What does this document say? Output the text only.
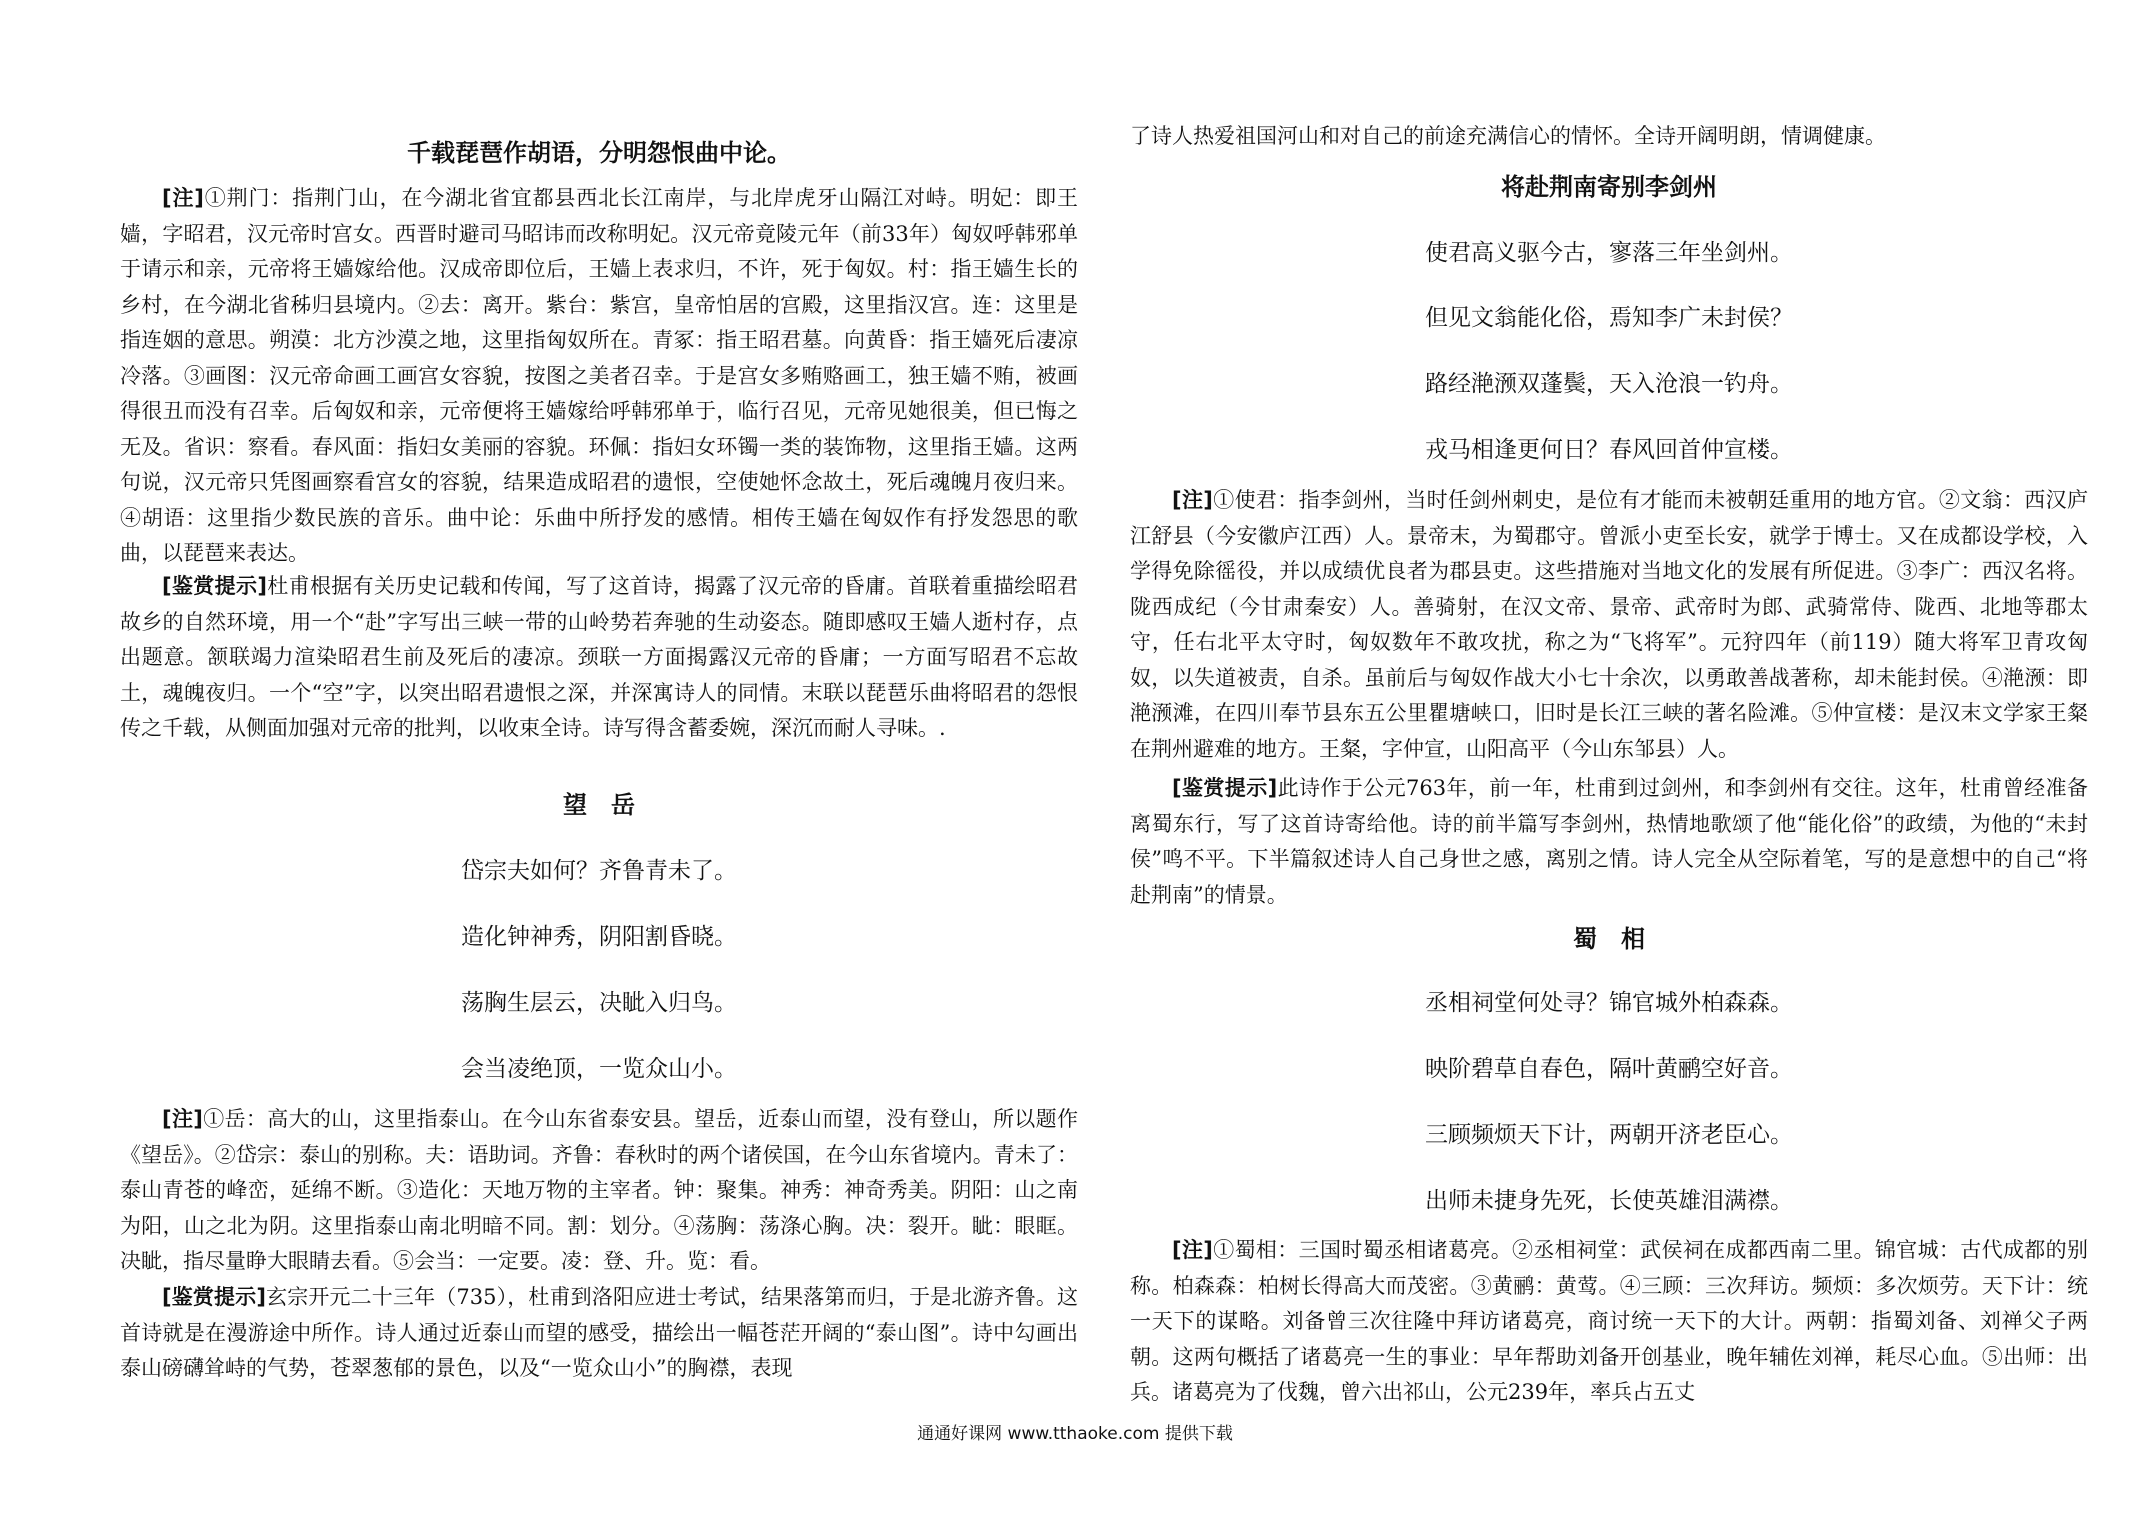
千载琵琶作胡语，分明怨恨曲中论。

[注]①荆门：指荆门山，在今湖北省宜都县西北长江南岸，与北岸虎牙山隔江对峙。明妃：即王嫱，字昭君，汉元帝时宫女。西晋时避司马昭讳而改称明妃。汉元帝竟陵元年（前33年）匈奴呼韩邪单于请示和亲，元帝将王嫱嫁给他。汉成帝即位后，王嫱上表求归，不许，死于匈奴。村：指王嫱生长的乡村，在今湖北省秭归县境内。②去：离开。紫台：紫宫，皇帝怕居的宫殿，这里指汉宫。连：这里是指连姻的意思。朔漠：北方沙漠之地，这里指匈奴所在。青冢：指王昭君墓。向黄昏：指王嫱死后凄凉冷落。③画图：汉元帝命画工画宫女容貌，按图之美者召幸。于是宫女多贿赂画工，独王嫱不贿，被画得很丑而没有召幸。后匈奴和亲，元帝便将王嫱嫁给呼韩邪单于，临行召见，元帝见她很美，但已悔之无及。省识：察看。春风面：指妇女美丽的容貌。环佩：指妇女环镯一类的装饰物，这里指王嫱。这两句说，汉元帝只凭图画察看宫女的容貌，结果造成昭君的遗恨，空使她怀念故土，死后魂魄月夜归来。④胡语：这里指少数民族的音乐。曲中论：乐曲中所抒发的感情。相传王嫱在匈奴作有抒发怨思的歌曲，以琵琶来表达。

[鉴赏提示]杜甫根据有关历史记载和传闻，写了这首诗，揭露了汉元帝的昏庸。首联着重描绘昭君故乡的自然环境，用一个“赴”字写出三峡一带的山岭势若奔驰的生动姿态。随即感叹王嫱人逝村存，点出题意。颔联竭力渲染昭君生前及死后的凄凉。颈联一方面揭露汉元帝的昏庸；一方面写昭君不忘故土，魂魄夜归。一个“空”字，以突出昭君遗恨之深，并深寓诗人的同情。末联以琵琶乐曲将昭君的怨恨传之千载，从侧面加强对元帝的批判，以收束全诗。诗写得含蓄委婉，深沉而耐人寻味。.

望　岳

岱宗夫如何？齐鲁青未了。

造化钟神秀，阴阳割昏晓。

荡胸生层云，决眦入归鸟。

会当凌绝顶，一览众山小。

[注]①岳：高大的山，这里指泰山。在今山东省泰安县。望岳，近泰山而望，没有登山，所以题作《望岳》。②岱宗：泰山的别称。夫：语助词。齐鲁：春秋时的两个诸侯国，在今山东省境内。青未了：泰山青苍的峰峦，延绵不断。③造化：天地万物的主宰者。钟：聚集。神秀：神奇秀美。阴阳：山之南为阳，山之北为阴。这里指泰山南北明暗不同。割：划分。④荡胸：荡涤心胸。决：裂开。眦：眼眶。决眦，指尽量睁大眼睛去看。⑤会当：一定要。凌：登、升。览：看。

[鉴赏提示]玄宗开元二十三年（735），杜甫到洛阳应进士考试，结果落第而归，于是北游齐鲁。这首诗就是在漫游途中所作。诗人通过近泰山而望的感受，描绘出一幅苍茫开阔的“泰山图”。诗中勾画出泰山磅礴耸峙的气势，苍翠葱郁的景色，以及“一览众山小”的胸襟，表现

了诗人热爱祖国河山和对自己的前途充满信心的情怀。全诗开阔明朗，情调健康。

将赴荆南寄别李剑州

使君高义驱今古，寥落三年坐剑州。

但见文翁能化俗，焉知李广未封侯？

路经滟滪双蓬鬓，天入沧浪一钓舟。

戎马相逢更何日？春风回首仲宣楼。

[注]①使君：指李剑州，当时任剑州刺史，是位有才能而未被朝廷重用的地方官。②文翁：西汉庐江舒县（今安徽庐江西）人。景帝末，为蜀郡守。曾派小吏至长安，就学于博士。又在成都设学校，入学得免除徭役，并以成绩优良者为郡县吏。这些措施对当地文化的发展有所促进。③李广：西汉名将。陇西成纪（今甘肃秦安）人。善骑射，在汉文帝、景帝、武帝时为郎、武骑常侍、陇西、北地等郡太守，任右北平太守时，匈奴数年不敢攻扰，称之为“飞将军”。元狩四年（前119）随大将军卫青攻匈奴，以失道被责，自杀。虽前后与匈奴作战大小七十余次，以勇敢善战著称，却未能封侯。④滟滪：即滟滪滩，在四川奉节县东五公里瞿塘峡口，旧时是长江三峡的著名险滩。⑤仲宣楼：是汉末文学家王粲在荆州避难的地方。王粲，字仲宣，山阳高平（今山东邹县）人。

[鉴赏提示]此诗作于公元763年，前一年，杜甫到过剑州，和李剑州有交往。这年，杜甫曾经准备离蜀东行，写了这首诗寄给他。诗的前半篇写李剑州，热情地歌颂了他“能化俗”的政绩，为他的“未封侯”鸣不平。下半篇叙述诗人自己身世之感，离别之情。诗人完全从空际着笔，写的是意想中的自己“将赴荆南”的情景。

蜀　相

丞相祠堂何处寻？锦官城外柏森森。

映阶碧草自春色，隔叶黄鹂空好音。

三顾频烦天下计，两朝开济老臣心。

出师未捷身先死，长使英雄泪满襟。

[注]①蜀相：三国时蜀丞相诸葛亮。②丞相祠堂：武侯祠在成都西南二里。锦官城：古代成都的别称。柏森森：柏树长得高大而茂密。③黄鹂：黄莺。④三顾：三次拜访。频烦：多次烦劳。天下计：统一天下的谋略。刘备曾三次往隆中拜访诸葛亮，商讨统一天下的大计。两朝：指蜀刘备、刘禅父子两朝。这两句概括了诸葛亮一生的事业：早年帮助刘备开创基业，晚年辅佐刘禅，耗尽心血。⑤出师：出兵。诸葛亮为了伐魏，曾六出祁山，公元239年，率兵占五丈

通通好课网 www.tthaoke.com 提供下载
